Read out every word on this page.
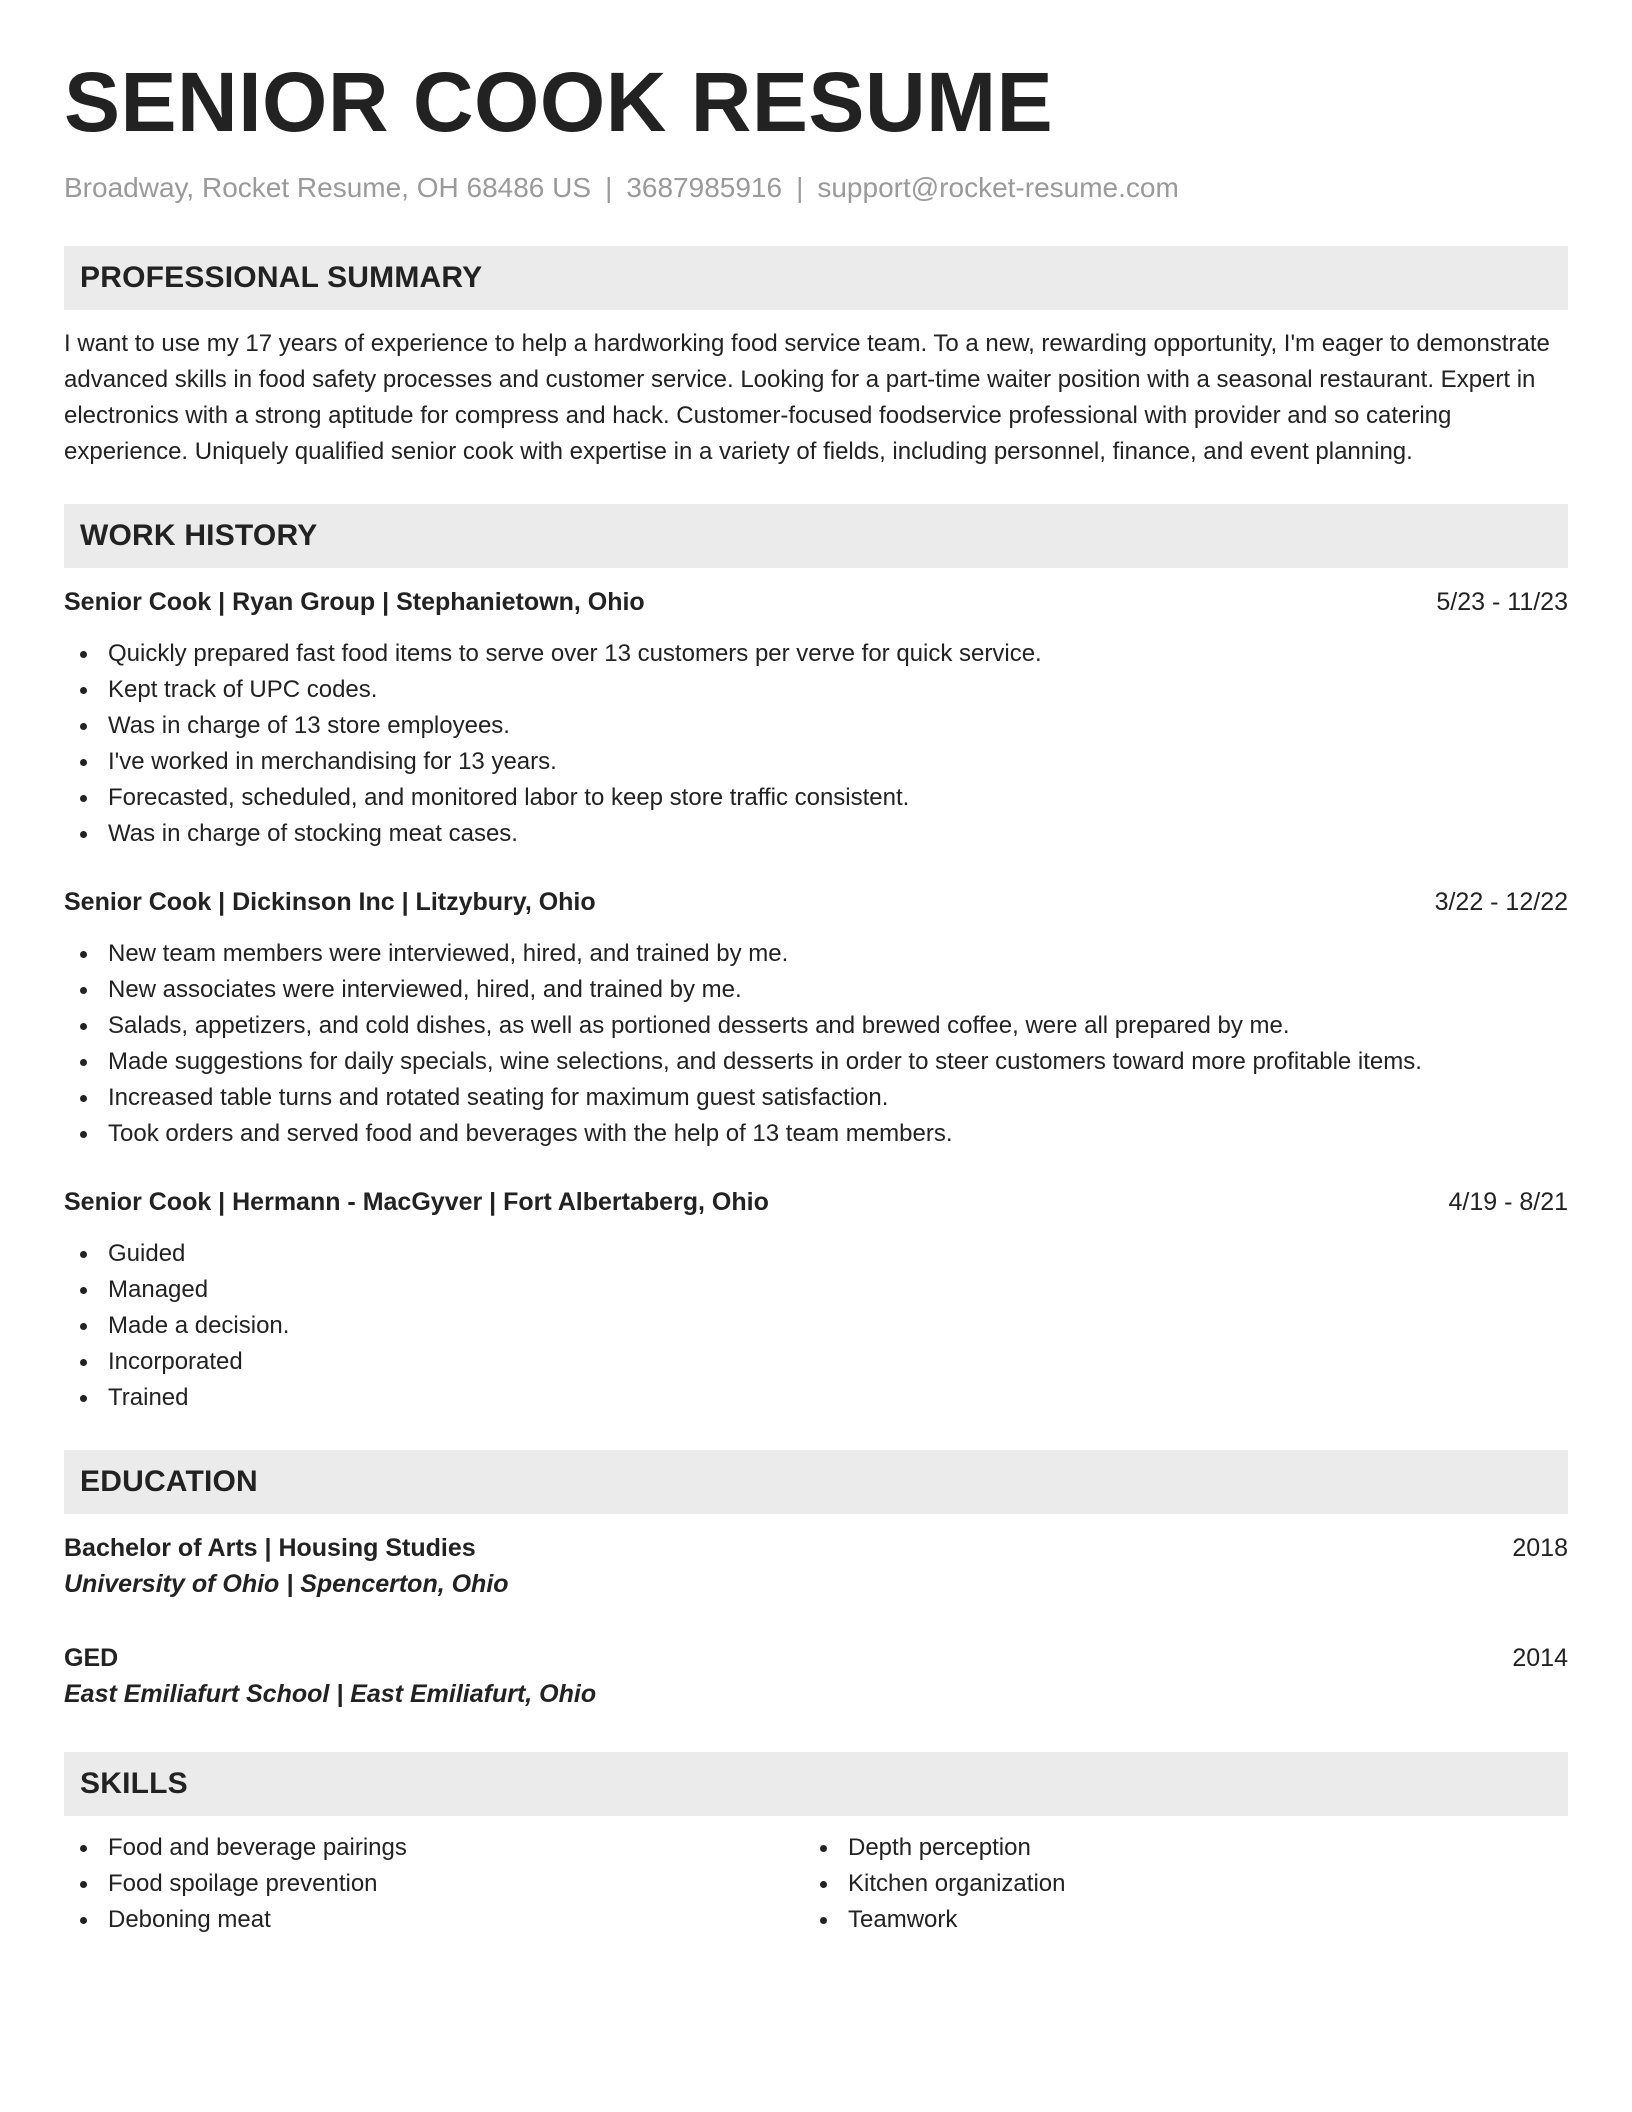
SENIOR COOK RESUME
Broadway, Rocket Resume, OH 68486 US | 3687985916 | support@rocket-resume.com
PROFESSIONAL SUMMARY
I want to use my 17 years of experience to help a hardworking food service team. To a new, rewarding opportunity, I'm eager to demonstrate advanced skills in food safety processes and customer service. Looking for a part-time waiter position with a seasonal restaurant. Expert in electronics with a strong aptitude for compress and hack. Customer-focused foodservice professional with provider and so catering experience. Uniquely qualified senior cook with expertise in a variety of fields, including personnel, finance, and event planning.
WORK HISTORY
Senior Cook | Ryan Group | Stephanietown, Ohio	5/23 - 11/23
Quickly prepared fast food items to serve over 13 customers per verve for quick service.
Kept track of UPC codes.
Was in charge of 13 store employees.
I've worked in merchandising for 13 years.
Forecasted, scheduled, and monitored labor to keep store traffic consistent.
Was in charge of stocking meat cases.
Senior Cook | Dickinson Inc | Litzybury, Ohio	3/22 - 12/22
New team members were interviewed, hired, and trained by me.
New associates were interviewed, hired, and trained by me.
Salads, appetizers, and cold dishes, as well as portioned desserts and brewed coffee, were all prepared by me.
Made suggestions for daily specials, wine selections, and desserts in order to steer customers toward more profitable items.
Increased table turns and rotated seating for maximum guest satisfaction.
Took orders and served food and beverages with the help of 13 team members.
Senior Cook | Hermann - MacGyver | Fort Albertaberg, Ohio	4/19 - 8/21
Guided
Managed
Made a decision.
Incorporated
Trained
EDUCATION
Bachelor of Arts | Housing Studies	2018
University of Ohio | Spencerton, Ohio
GED	2014
East Emiliafurt School | East Emiliafurt, Ohio
SKILLS
Food and beverage pairings
Food spoilage prevention
Deboning meat
Depth perception
Kitchen organization
Teamwork
